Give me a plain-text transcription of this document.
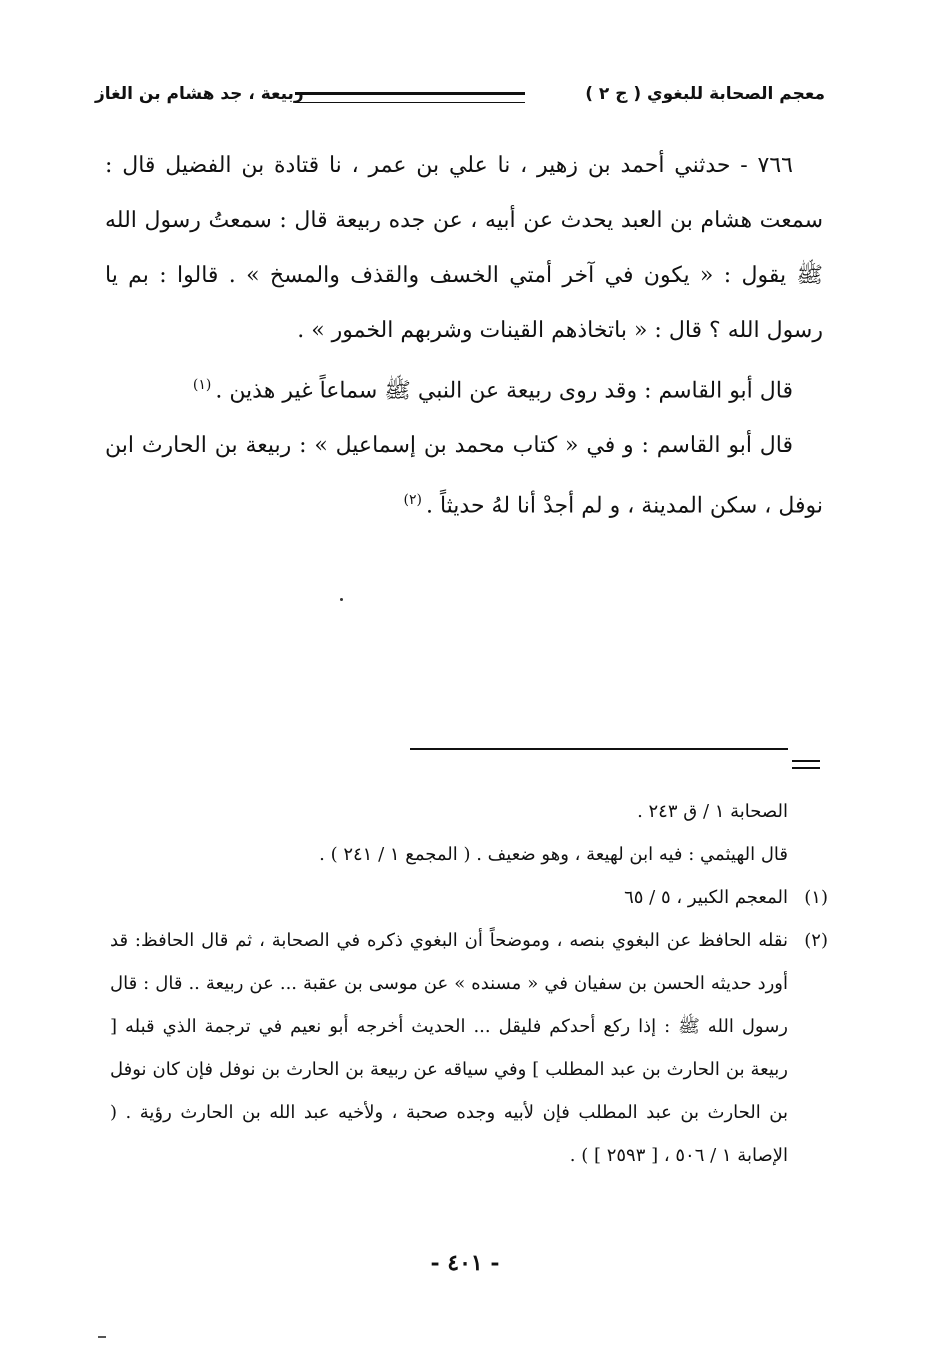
معجم الصحابة للبغوي ( ج ٢ )
ربيعة ، جد هشام بن الغاز

٧٦٦ - حدثني أحمد بن زهير ، نا علي بن عمر ، نا قتادة بن الفضيل قال : سمعت هشام بن العبد يحدث عن أبيه ، عن جده ربيعة قال : سمعتُ رسول الله ﷺ يقول : « يكون في آخر أمتي الخسف والقذف والمسخ » . قالوا : بم يا رسول الله ؟ قال : « باتخاذهم القينات وشربهم الخمور » .

قال أبو القاسم : وقد روى ربيعة عن النبي ﷺ سماعاً غير هذين .$^{(١)}$

قال أبو القاسم : و في « كتاب محمد بن إسماعيل » : ربيعة بن الحارث ابن نوفل ، سكن المدينة ، و لم أجدْ أنا لهُ حديثاً .$^{(٢)}$

الصحابة ١ / ق ٢٤٣ .

قال الهيثمي : فيه ابن لهيعة ، وهو ضعيف . ( المجمع ١ / ٢٤١ ) .

(١)
المعجم الكبير ، ٥ / ٦٥
(٢)
نقله الحافظ عن البغوي بنصه ، وموضحاً أن البغوي ذكره في الصحابة ، ثم قال الحافظ: قد أورد حديثه الحسن بن سفيان في « مسنده » عن موسى بن عقبة ... عن ربيعة .. قال : قال رسول الله ﷺ : إذا ركع أحدكم فليقل ... الحديث أخرجه أبو نعيم في ترجمة الذي قبله [ ربيعة بن الحارث بن عبد المطلب ] وفي سياقه عن ربيعة بن الحارث بن نوفل فإن كان نوفل بن الحارث بن عبد المطلب فإن لأبيه وجده صحبة ، ولأخيه عبد الله بن الحارث رؤية . ( الإصابة ١ / ٥٠٦ ، [ ٢٥٩٣ ] ) .
- ٤٠١ -
